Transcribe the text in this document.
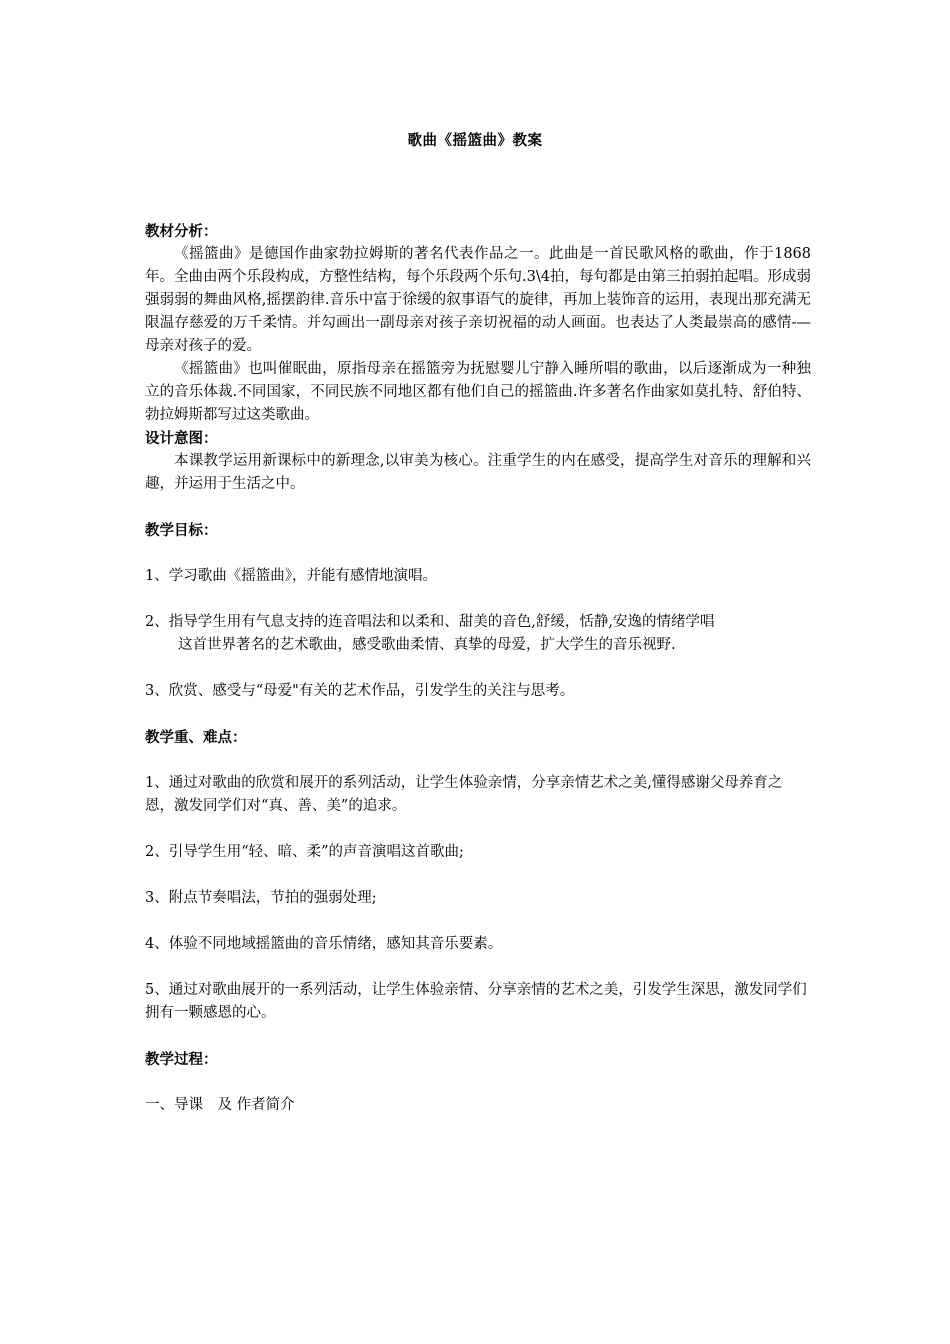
歌曲《摇篮曲》教案

教材分析：

《摇篮曲》是德国作曲家勃拉姆斯的著名代表作品之一。此曲是一首民歌风格的歌曲，作于1868年。全曲由两个乐段构成，方整性结构，每个乐段两个乐句.3\4拍，每句都是由第三拍弱拍起唱。形成弱强弱弱的舞曲风格,摇摆韵律.音乐中富于徐缓的叙事语气的旋律，再加上装饰音的运用，表现出那充满无限温存慈爱的万千柔情。并勾画出一副母亲对孩子亲切祝福的动人画面。也表达了人类最崇高的感情-—母亲对孩子的爱。

《摇篮曲》也叫催眠曲，原指母亲在摇篮旁为抚慰婴儿宁静入睡所唱的歌曲，以后逐渐成为一种独立的音乐体裁.不同国家，不同民族不同地区都有他们自己的摇篮曲.许多著名作曲家如莫扎特、舒伯特、勃拉姆斯都写过这类歌曲。

设计意图：

本课教学运用新课标中的新理念,以审美为核心。注重学生的内在感受，提高学生对音乐的理解和兴趣，并运用于生活之中。

教学目标：

1、学习歌曲《摇篮曲》，并能有感情地演唱。

2、指导学生用有气息支持的连音唱法和以柔和、甜美的音色,舒缓，恬静,安逸的情绪学唱
这首世界著名的艺术歌曲，感受歌曲柔情、真挚的母爱，扩大学生的音乐视野.

3、欣赏、感受与“母爱"有关的艺术作品，引发学生的关注与思考。

教学重、难点：

1、通过对歌曲的欣赏和展开的系列活动，让学生体验亲情，分享亲情艺术之美,懂得感谢父母养育之恩，激发同学们对“真、善、美”的追求。

2、引导学生用“轻、暗、柔”的声音演唱这首歌曲;

3、附点节奏唱法，节拍的强弱处理;

4、体验不同地域摇篮曲的音乐情绪，感知其音乐要素。

5、通过对歌曲展开的一系列活动，让学生体验亲情、分享亲情的艺术之美，引发学生深思，激发同学们拥有一颗感恩的心。

教学过程：

一、导课　及 作者简介
